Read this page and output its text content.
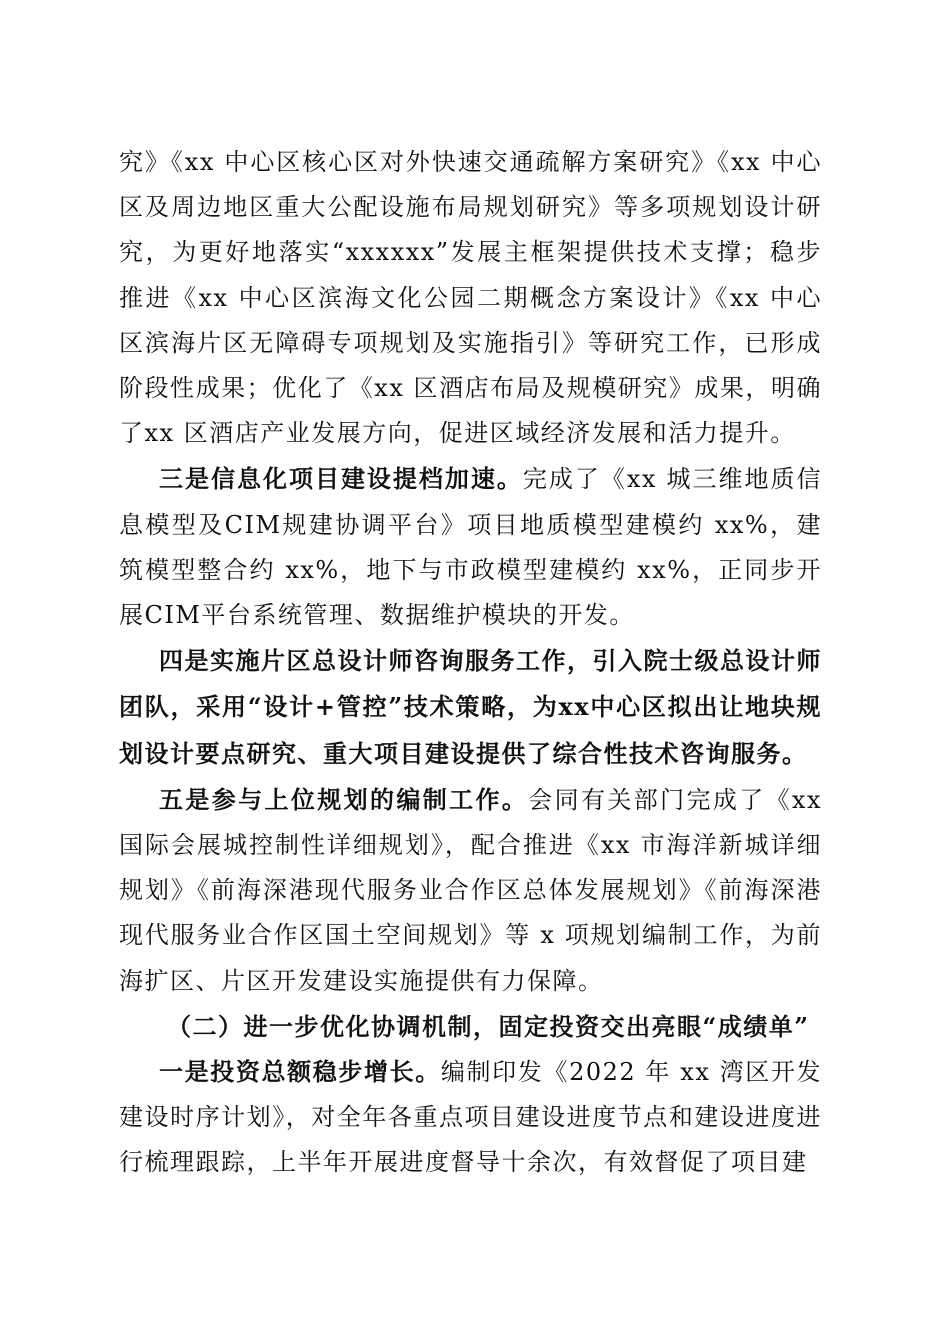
究》《xx 中心区核心区对外快速交通疏解方案研究》《xx 中心区及周边地区重大公配设施布局规划研究》等多项规划设计研究，为更好地落实“xxxxxx”发展主框架提供技术支撑；稳步推进《xx 中心区滨海文化公园二期概念方案设计》《xx 中心区滨海片区无障碍专项规划及实施指引》等研究工作，已形成阶段性成果；优化了《xx 区酒店布局及规模研究》成果，明确了xx 区酒店产业发展方向，促进区域经济发展和活力提升。

三是信息化项目建设提档加速。完成了《xx 城三维地质信息模型及CIM规建协调平台》项目地质模型建模约 xx%，建筑模型整合约 xx%，地下与市政模型建模约 xx%，正同步开展CIM平台系统管理、数据维护模块的开发。

四是实施片区总设计师咨询服务工作，引入院士级总设计师团队，采用“设计+管控”技术策略，为xx中心区拟出让地块规划设计要点研究、重大项目建设提供了综合性技术咨询服务。

五是参与上位规划的编制工作。会同有关部门完成了《xx 国际会展城控制性详细规划》，配合推进《xx 市海洋新城详细规划》《前海深港现代服务业合作区总体发展规划》《前海深港现代服务业合作区国土空间规划》等 x 项规划编制工作，为前海扩区、片区开发建设实施提供有力保障。

（二）进一步优化协调机制，固定投资交出亮眼“成绩单”

一是投资总额稳步增长。编制印发《2022 年 xx 湾区开发建设时序计划》，对全年各重点项目建设进度节点和建设进度进行梳理跟踪，上半年开展进度督导十余次，有效督促了项目建
